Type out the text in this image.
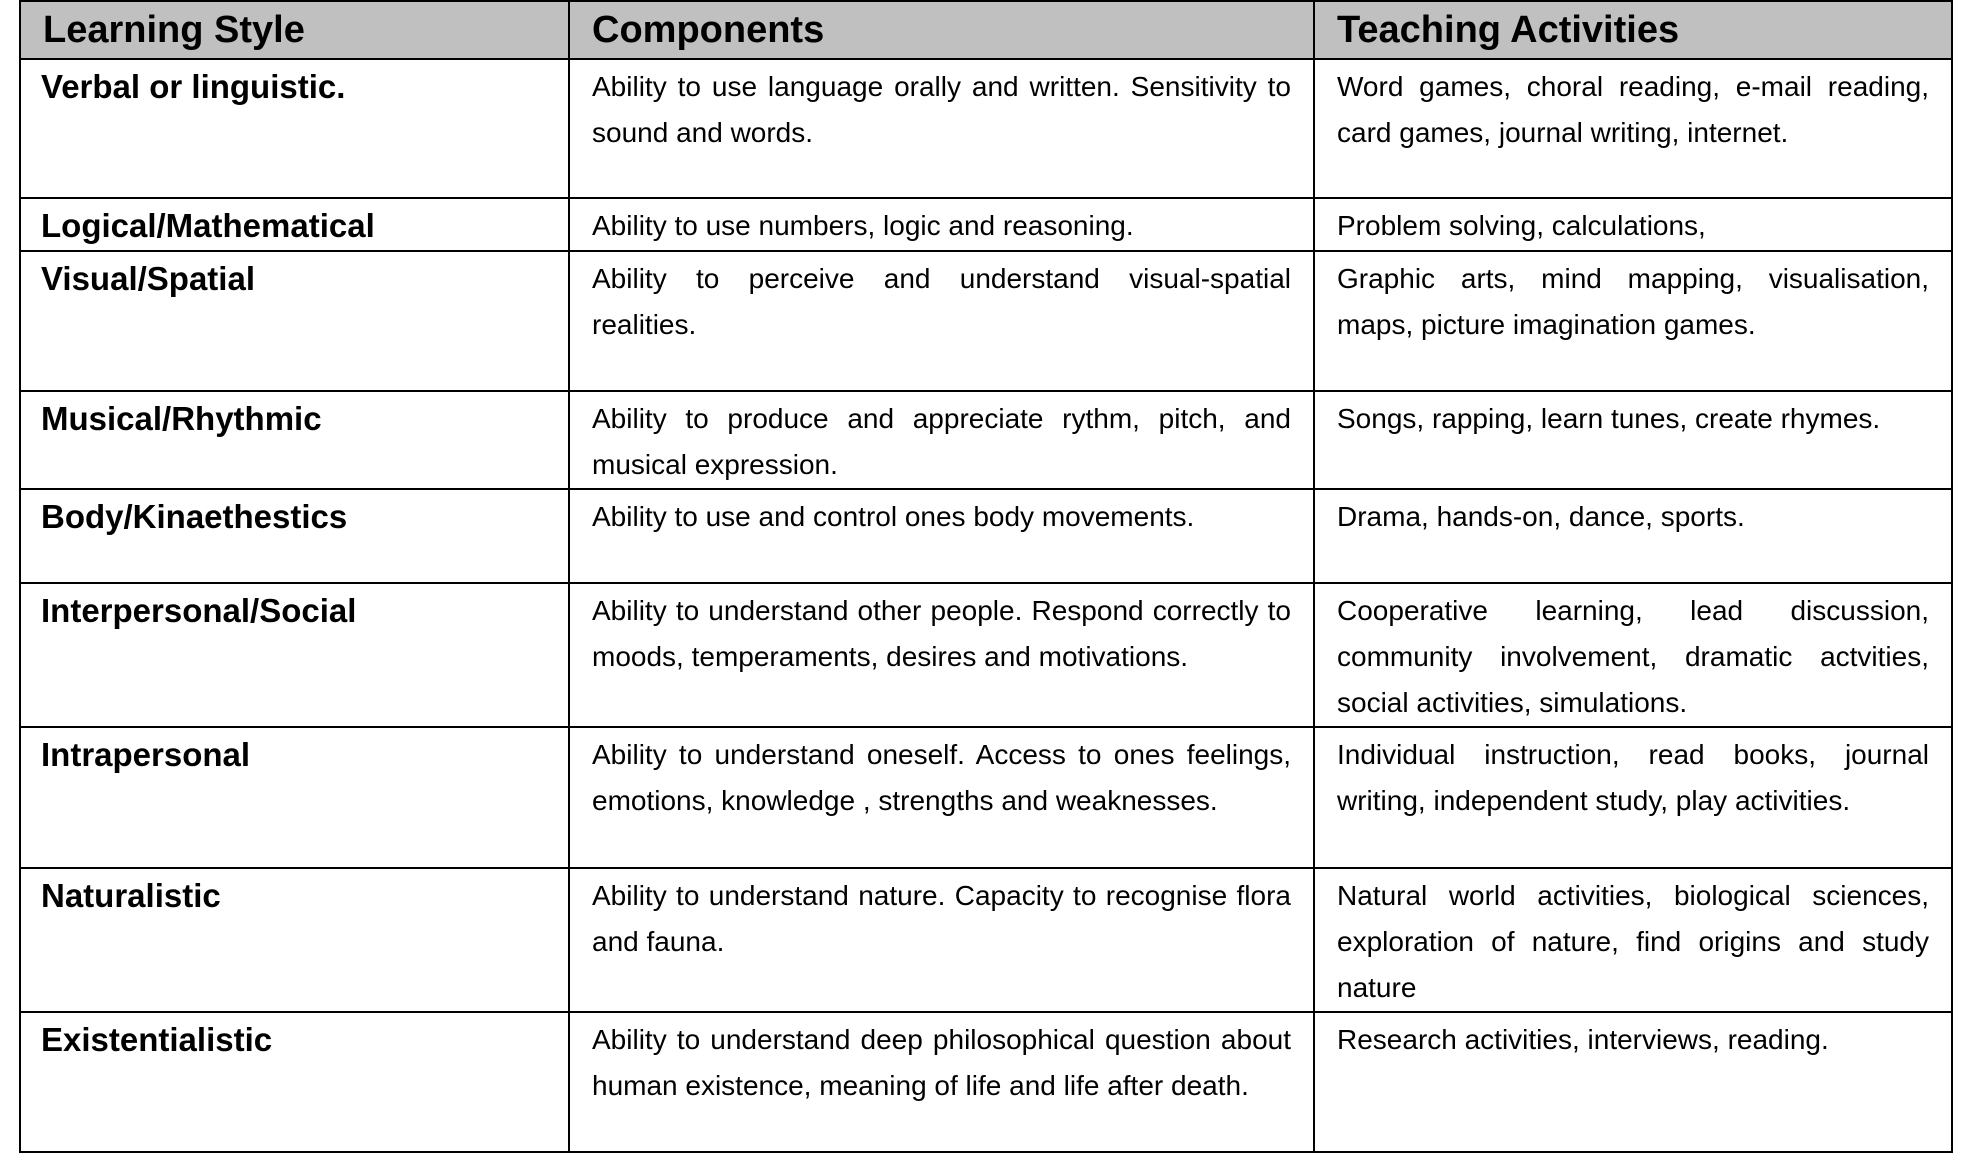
Learning Style	Components	Teaching Activities
Verbal or linguistic.	Ability to use language orally and written. Sensitivity to sound and words.	Word games, choral reading, e-mail reading, card games, journal writing, internet.
Logical/Mathematical	Ability to use numbers, logic and reasoning.	Problem solving, calculations,
Visual/Spatial	Ability to perceive and understand visual-spatial realities.	Graphic arts, mind mapping, visualisation, maps, picture imagination games.
Musical/Rhythmic	Ability to produce and appreciate rythm, pitch, and musical expression.	Songs, rapping, learn tunes, create rhymes.
Body/Kinaethestics	Ability to use and control ones body movements.	Drama, hands-on, dance, sports.
Interpersonal/Social	Ability to understand other people. Respond correctly to moods, temperaments, desires and motivations.	Cooperative learning, lead discussion, community involvement, dramatic actvities, social activities, simulations.
Intrapersonal	Ability to understand oneself. Access to ones feelings, emotions, knowledge , strengths and weaknesses.	Individual instruction, read books, journal writing, independent study, play activities.
Naturalistic	Ability to understand nature. Capacity to recognise flora and fauna.	Natural world activities, biological sciences, exploration of nature, find origins and study nature
Existentialistic	Ability to understand deep philosophical question about human existence, meaning of life and life after death.	Research activities, interviews, reading.
